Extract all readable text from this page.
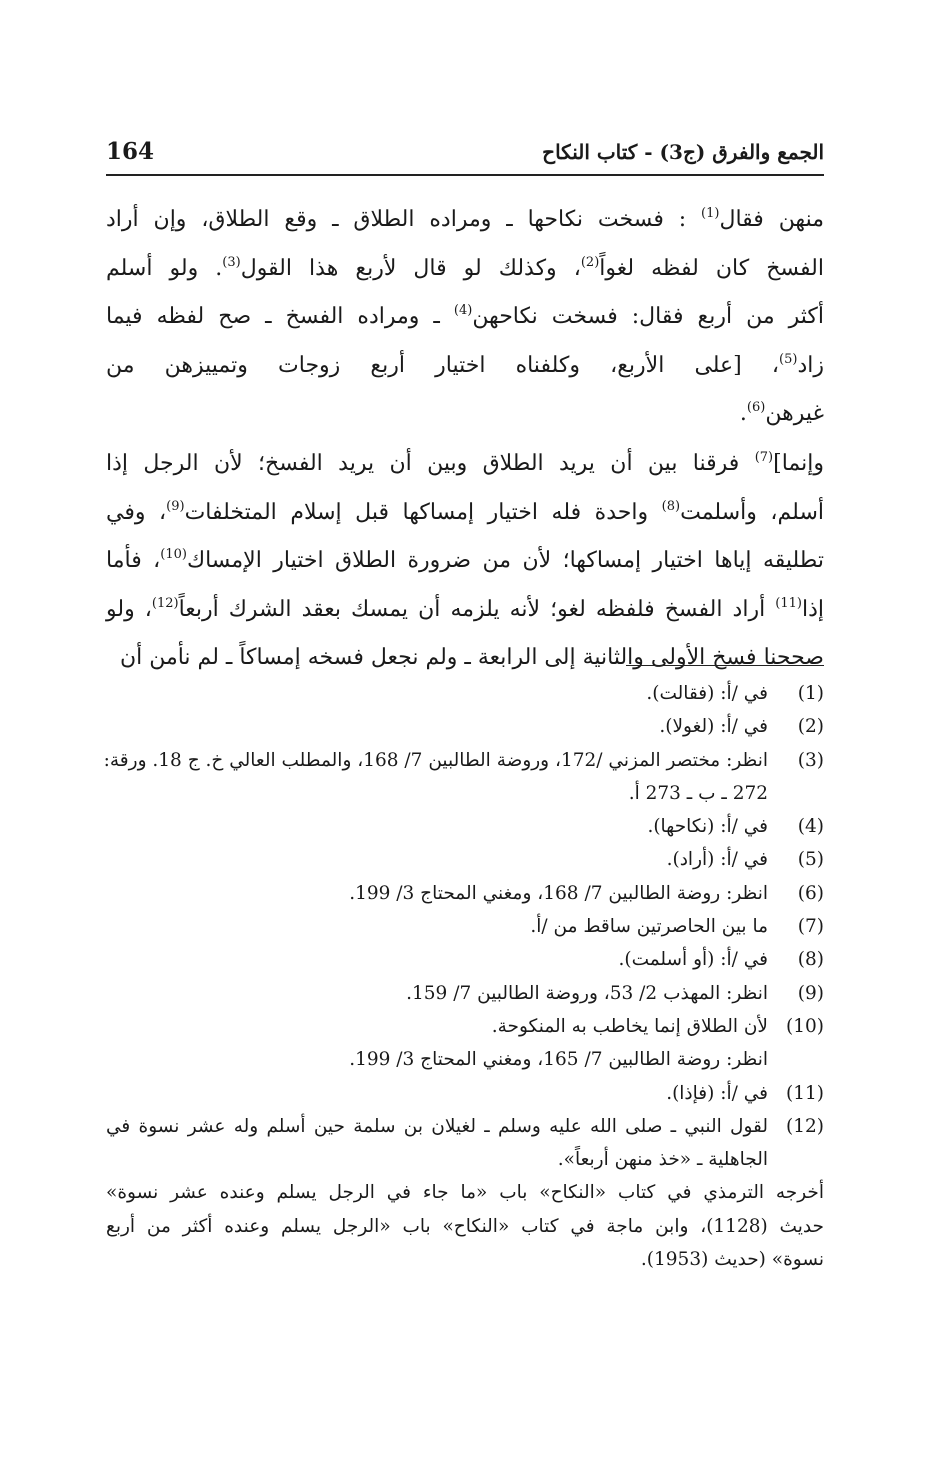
164	الجمع والفرق (ج3) - كتاب النكاح
منهن فقال$^{(1)}$ : فسخت نكاحها ـ ومراده الطلاق ـ وقع الطلاق، وإن أراد
الفسخ كان لفظه لغواً$^{(2)}$، وكذلك لو قال لأربع هذا القول$^{(3)}$. ولو أسلم
أكثر من أربع فقال: فسخت نكاحهن$^{(4)}$ ـ ومراده الفسخ ـ صح لفظه فيما
زاد$^{(5)}$، [على الأربع، وكلفناه اختيار أربع زوجات وتمييزهن من
غيرهن$^{(6)}$.
وإنما]$^{(7)}$ فرقنا بين أن يريد الطلاق وبين أن يريد الفسخ؛ لأن الرجل إذا
أسلم، وأسلمت$^{(8)}$ واحدة فله اختيار إمساكها قبل إسلام المتخلفات$^{(9)}$، وفي
تطليقه إياها اختيار إمساكها؛ لأن من ضرورة الطلاق اختيار الإمساك$^{(10)}$، فأما
إذا$^{(11)}$ أراد الفسخ فلفظه لغو؛ لأنه يلزمه أن يمسك بعقد الشرك أربعاً$^{(12)}$، ولو
صححنا فسخ الأولى والثانية إلى الرابعة ـ ولم نجعل فسخه إمساكاً ـ لم نأمن أن
(1)
في /أ: (فقالت).
(2)
في /أ: (لغولا).
(3)
انظر: مختصر المزني /172، وروضة الطالبين 7/ 168، والمطلب العالي خ. ج 18. ورقة:
272 ـ ب ـ 273 أ.
(4)
في /أ: (نكاحها).
(5)
في /أ: (أراد).
(6)
انظر: روضة الطالبين 7/ 168، ومغني المحتاج 3/ 199.
(7)
ما بين الحاصرتين ساقط من /أ.
(8)
في /أ: (أو أسلمت).
(9)
انظر: المهذب 2/ 53، وروضة الطالبين 7/ 159.
(10)
لأن الطلاق إنما يخاطب به المنكوحة.
انظر: روضة الطالبين 7/ 165، ومغني المحتاج 3/ 199.
(11)
في /أ: (فإذا).
(12)
لقول النبي ـ صلى الله عليه وسلم ـ لغيلان بن سلمة حين أسلم وله عشر نسوة في
الجاهلية ـ «خذ منهن أربعاً».
أخرجه الترمذي في كتاب «النكاح» باب «ما جاء في الرجل يسلم وعنده عشر نسوة»
حديث (1128)، وابن ماجة في كتاب «النكاح» باب «الرجل يسلم وعنده أكثر من أربع
نسوة» (حديث (1953).
